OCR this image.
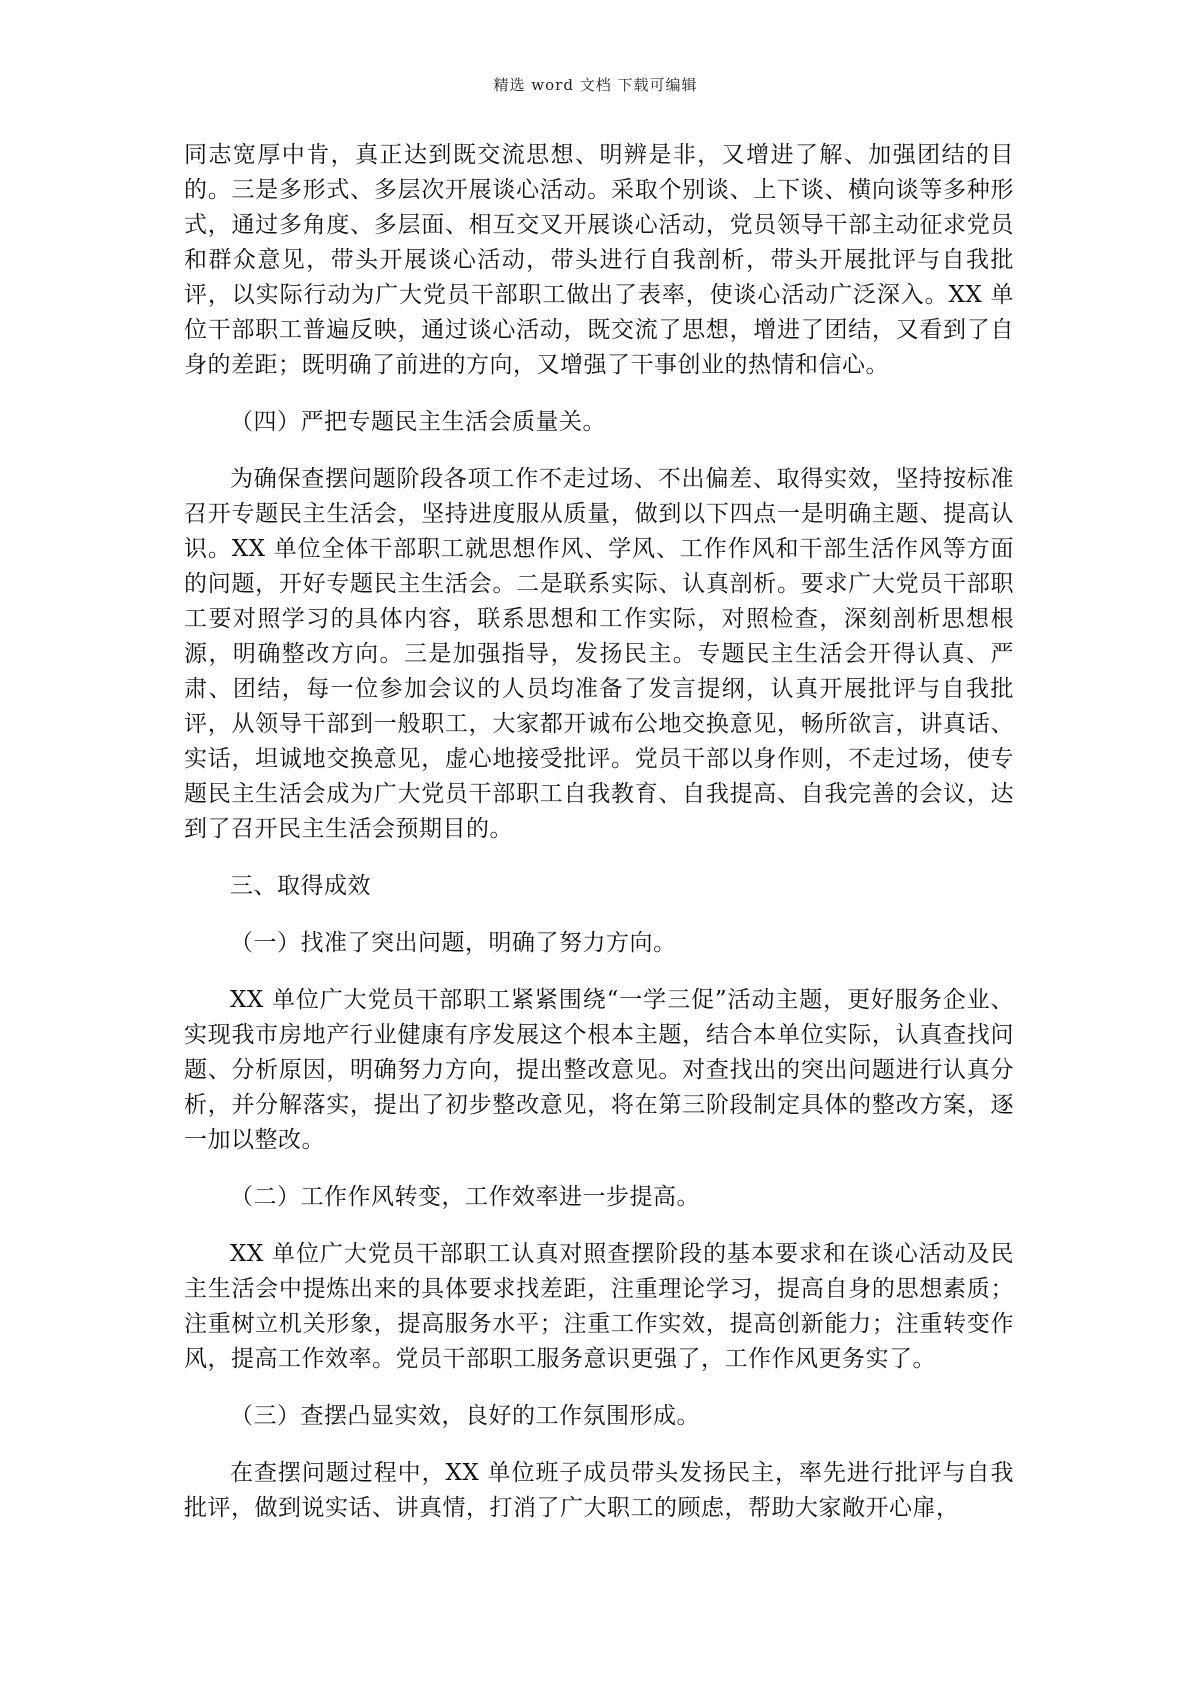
精选 word 文档 下载可编辑

同志宽厚中肯，真正达到既交流思想、明辨是非，又增进了解、加强团结的目的。三是多形式、多层次开展谈心活动。采取个别谈、上下谈、横向谈等多种形式，通过多角度、多层面、相互交叉开展谈心活动，党员领导干部主动征求党员和群众意见，带头开展谈心活动，带头进行自我剖析，带头开展批评与自我批评，以实际行动为广大党员干部职工做出了表率，使谈心活动广泛深入。XX 单位干部职工普遍反映，通过谈心活动，既交流了思想，增进了团结，又看到了自身的差距；既明确了前进的方向，又增强了干事创业的热情和信心。

（四）严把专题民主生活会质量关。

为确保查摆问题阶段各项工作不走过场、不出偏差、取得实效，坚持按标准召开专题民主生活会，坚持进度服从质量，做到以下四点一是明确主题、提高认识。XX 单位全体干部职工就思想作风、学风、工作作风和干部生活作风等方面的问题，开好专题民主生活会。二是联系实际、认真剖析。要求广大党员干部职工要对照学习的具体内容，联系思想和工作实际，对照检查，深刻剖析思想根源，明确整改方向。三是加强指导，发扬民主。专题民主生活会开得认真、严肃、团结，每一位参加会议的人员均准备了发言提纲，认真开展批评与自我批评，从领导干部到一般职工，大家都开诚布公地交换意见，畅所欲言，讲真话、实话，坦诚地交换意见，虚心地接受批评。党员干部以身作则，不走过场，使专题民主生活会成为广大党员干部职工自我教育、自我提高、自我完善的会议，达到了召开民主生活会预期目的。

三、取得成效

（一）找准了突出问题，明确了努力方向。

XX 单位广大党员干部职工紧紧围绕“一学三促”活动主题，更好服务企业、实现我市房地产行业健康有序发展这个根本主题，结合本单位实际，认真查找问题、分析原因，明确努力方向，提出整改意见。对查找出的突出问题进行认真分析，并分解落实，提出了初步整改意见，将在第三阶段制定具体的整改方案，逐一加以整改。

（二）工作作风转变，工作效率进一步提高。

XX 单位广大党员干部职工认真对照查摆阶段的基本要求和在谈心活动及民主生活会中提炼出来的具体要求找差距，注重理论学习，提高自身的思想素质；注重树立机关形象，提高服务水平；注重工作实效，提高创新能力；注重转变作风，提高工作效率。党员干部职工服务意识更强了，工作作风更务实了。

（三）查摆凸显实效，良好的工作氛围形成。

在查摆问题过程中，XX 单位班子成员带头发扬民主，率先进行批评与自我批评，做到说实话、讲真情，打消了广大职工的顾虑，帮助大家敞开心扉，
